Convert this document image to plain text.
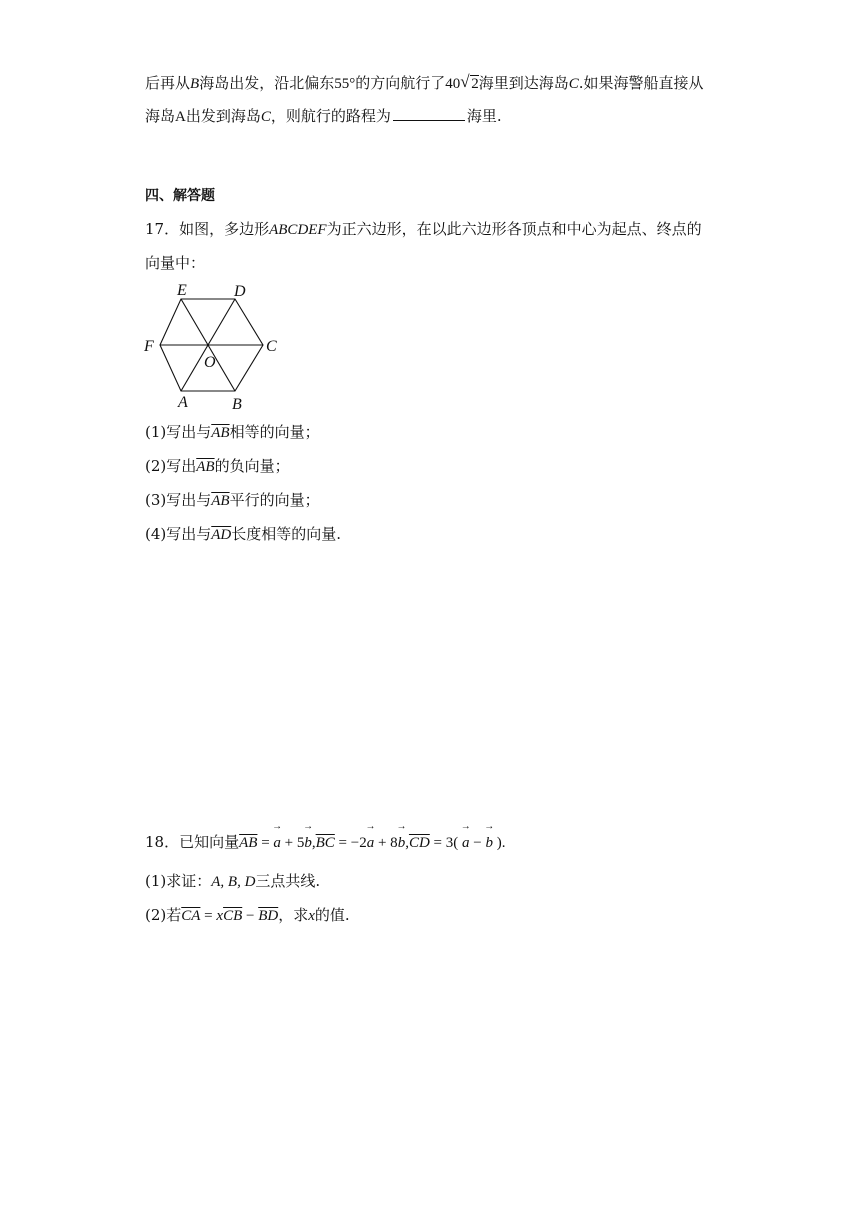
后再从B海岛出发，沿北偏东55°的方向航行了40 √ 2海里到达海岛C.如果海警船直接从
海岛A出发到海岛C，则航行的路程为	海里.
四、解答题
17．如图，多边形ABCDEF为正六边形，在以此六边形各顶点和中心为起点、终点的
向量中：
E	D
F	C
O
A	B
(1)写出与$\overline{AB}$相等的向量；
(2)写出$\overline{AB}$的负向量；
(3)写出与$\overline{AB}$平行的向量；
(4)写出与$\overline{AD}$长度相等的向量.
18．已知向量$\overline{AB}$ = → $a + 5\to b,\overline{BC} = -2\to a + 8\to b,\overline{CD} = 3( \to a$ − → b ).
(1)求证：A, B, D三点共线.
(2)若$\overline{CA} = x\overline{CB} - \overline{BD}$，求x的值.
